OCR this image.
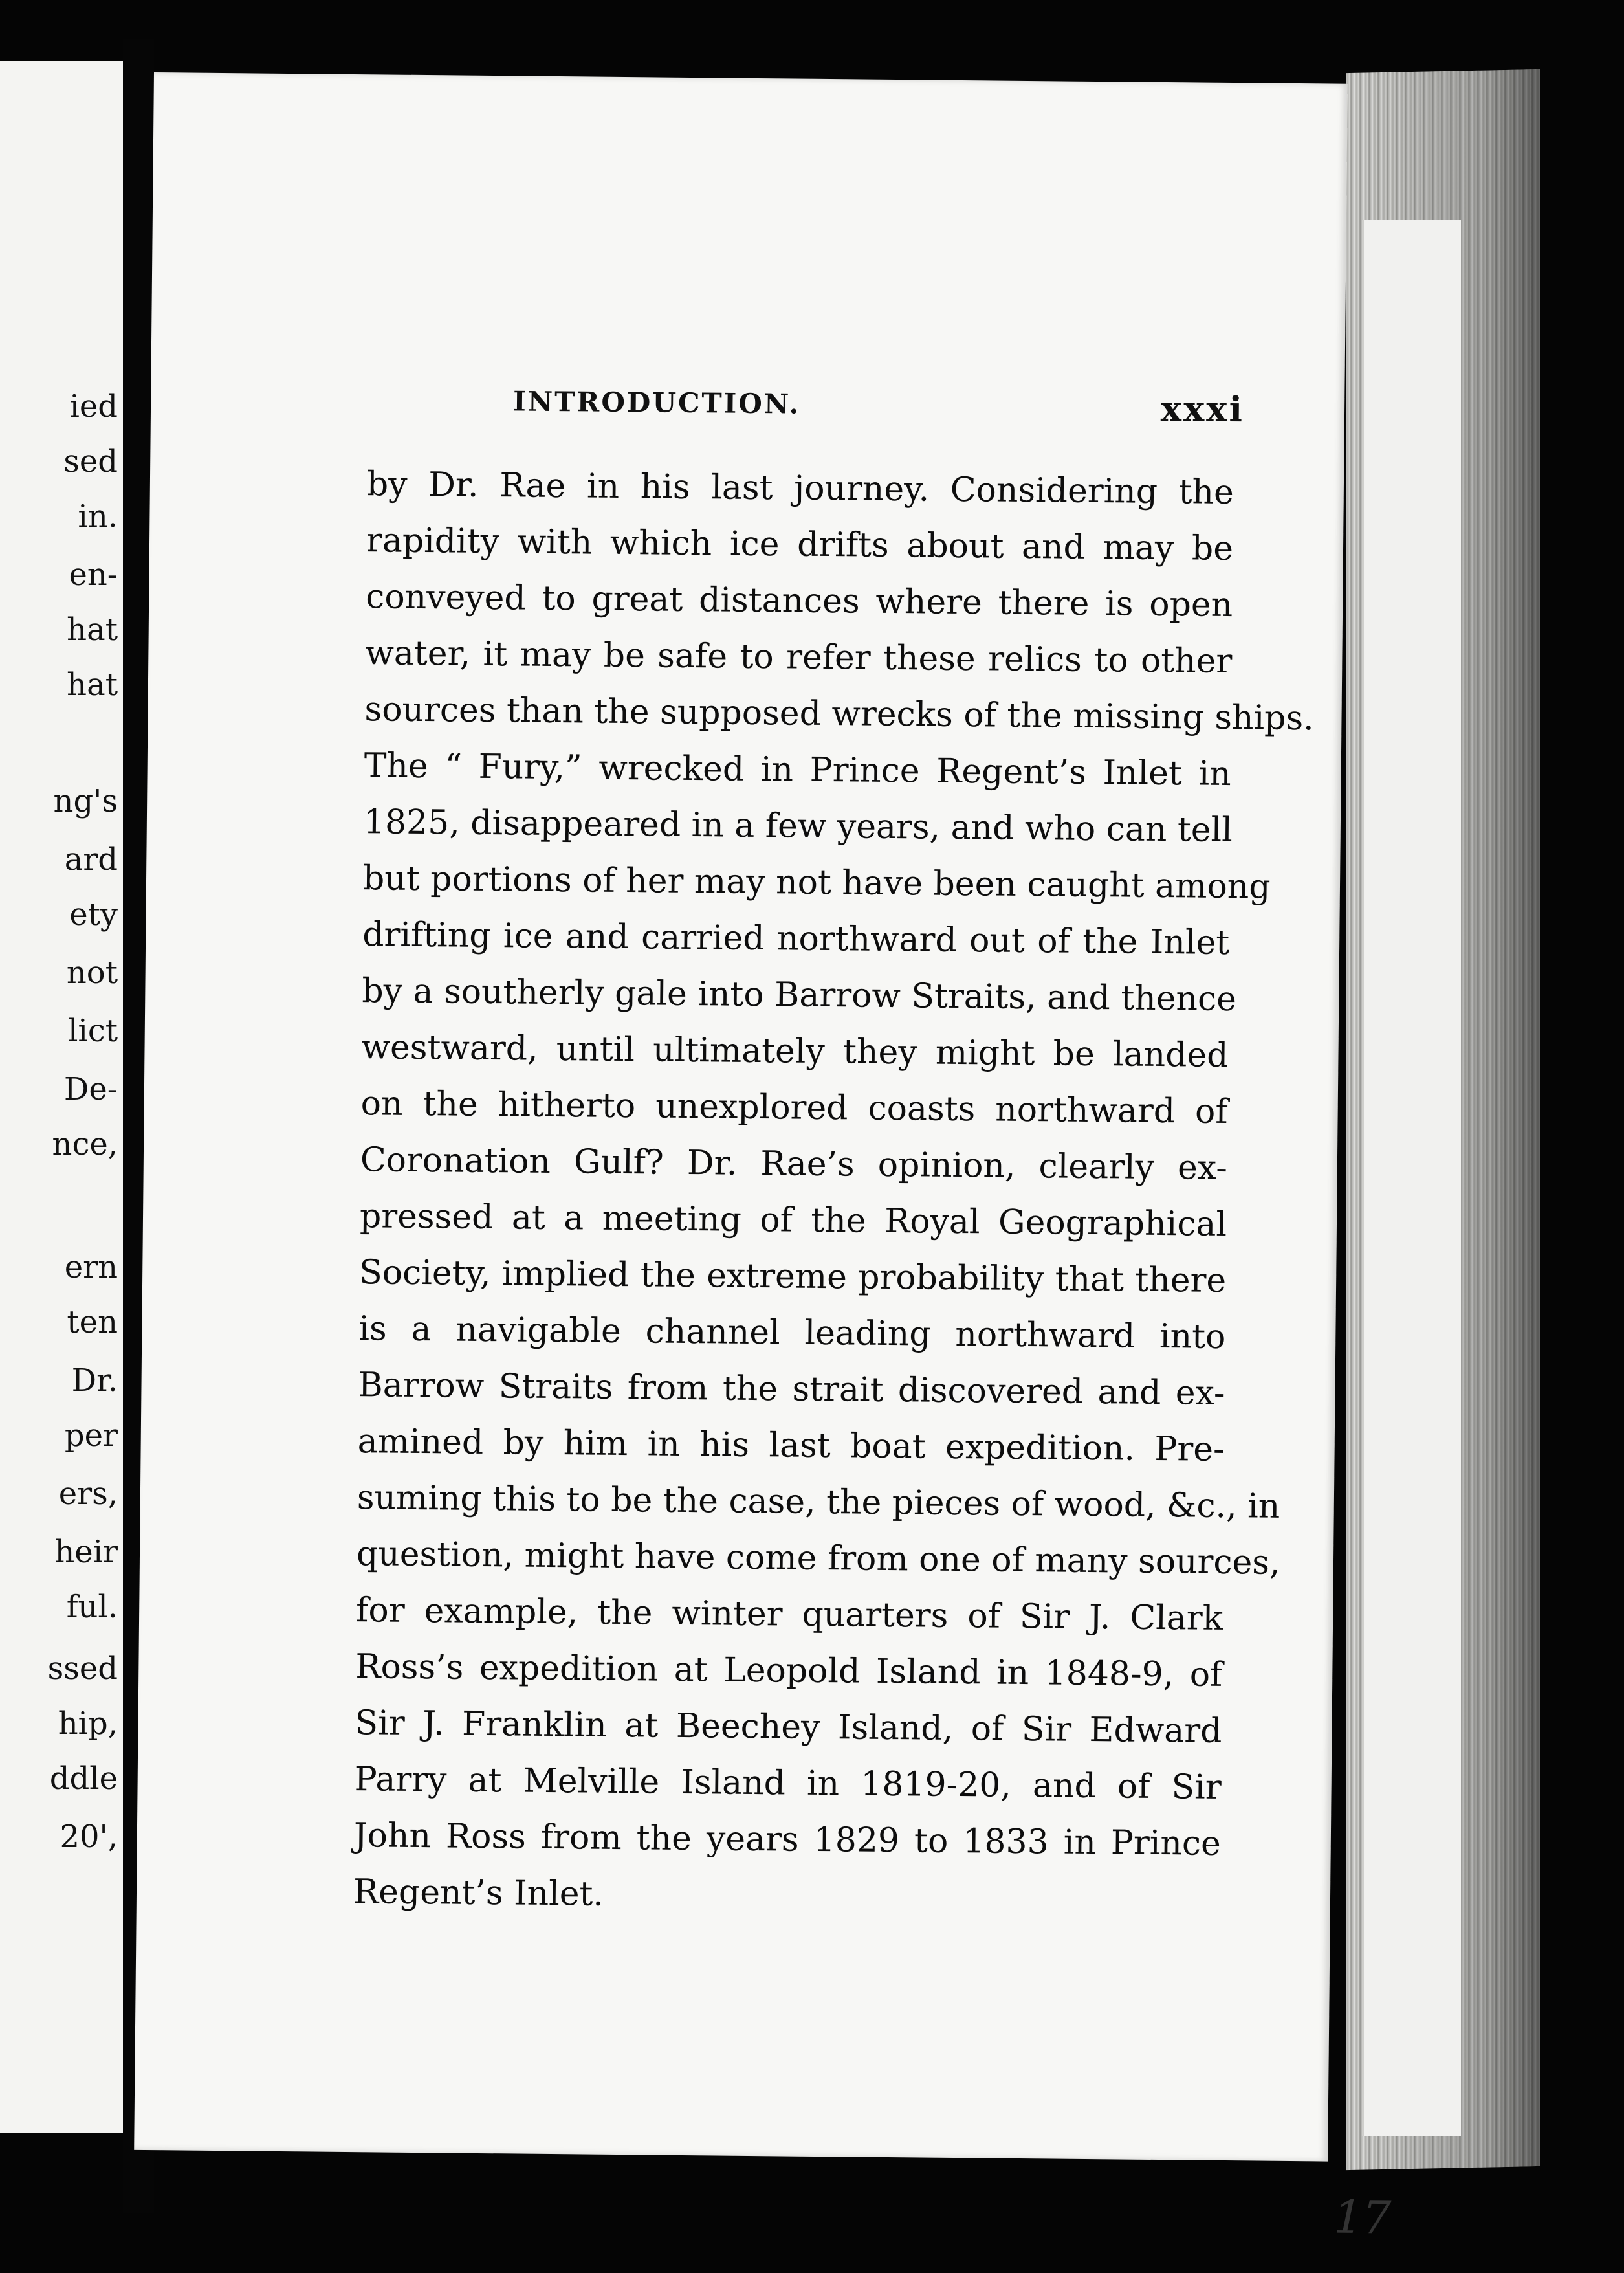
ied
sed
in.
en-
hat
hat
ng's
ard
ety
not
lict
De-
nce,
ern
ten
Dr.
per
ers,
heir
ful.
ssed
hip,
ddle
20',
INTRODUCTION.	xxxi
by Dr. Rae in his last journey. Considering the
rapidity with which ice drifts about and may be
conveyed to great distances where there is open
water, it may be safe to refer these relics to other
sources than the supposed wrecks of the missing ships.
The “ Fury,” wrecked in Prince Regent’s Inlet in
1825, disappeared in a few years, and who can tell
but portions of her may not have been caught among
drifting ice and carried northward out of the Inlet
by a southerly gale into Barrow Straits, and thence
westward, until ultimately they might be landed
on the hitherto unexplored coasts northward of
Coronation Gulf? Dr. Rae’s opinion, clearly ex-
pressed at a meeting of the Royal Geographical
Society, implied the extreme probability that there
is a navigable channel leading northward into
Barrow Straits from the strait discovered and ex-
amined by him in his last boat expedition. Pre-
suming this to be the case, the pieces of wood, &c., in
question, might have come from one of many sources,
for example, the winter quarters of Sir J. Clark
Ross’s expedition at Leopold Island in 1848-9, of
Sir J. Franklin at Beechey Island, of Sir Edward
Parry at Melville Island in 1819-20, and of Sir
John Ross from the years 1829 to 1833 in Prince
Regent’s Inlet.
17
